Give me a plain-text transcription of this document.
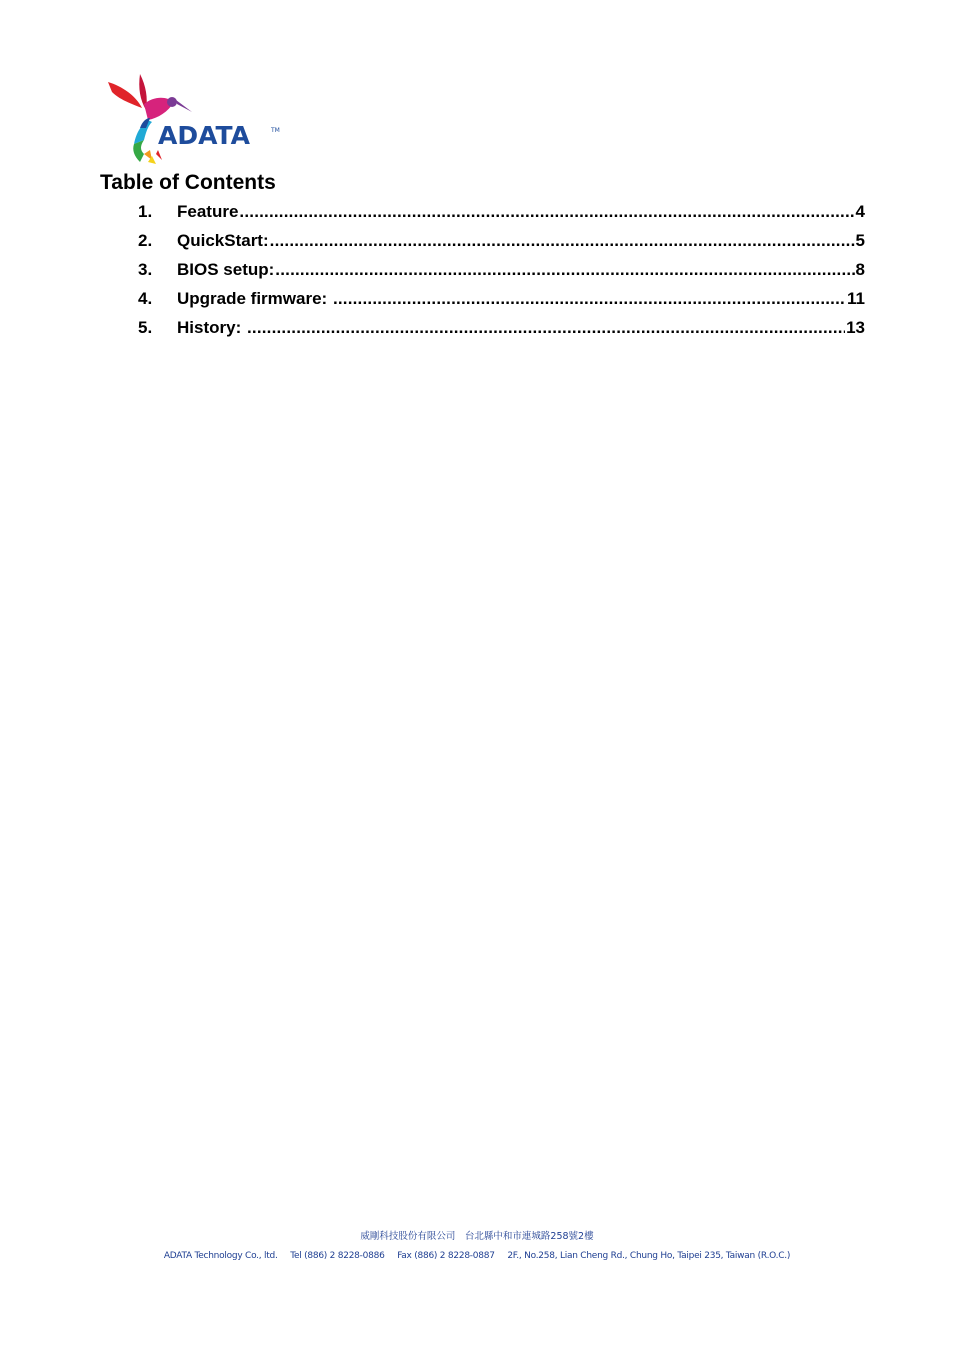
ADATA	TM
Table of Contents
1.	Feature .....	4
2.	QuickStart: .....	5
3.	BIOS setup: .....	8
4.	Upgrade firmware: .....	11
5.	History: .....	13
威剛科技股份有限公司　台北縣中和市連城路258號2樓
ADATA Technology Co., ltd. Tel (886) 2 8228-0886 Fax (886) 2 8228-0887 2F., No.258, Lian Cheng Rd., Chung Ho, Taipei 235, Taiwan (R.O.C.)
